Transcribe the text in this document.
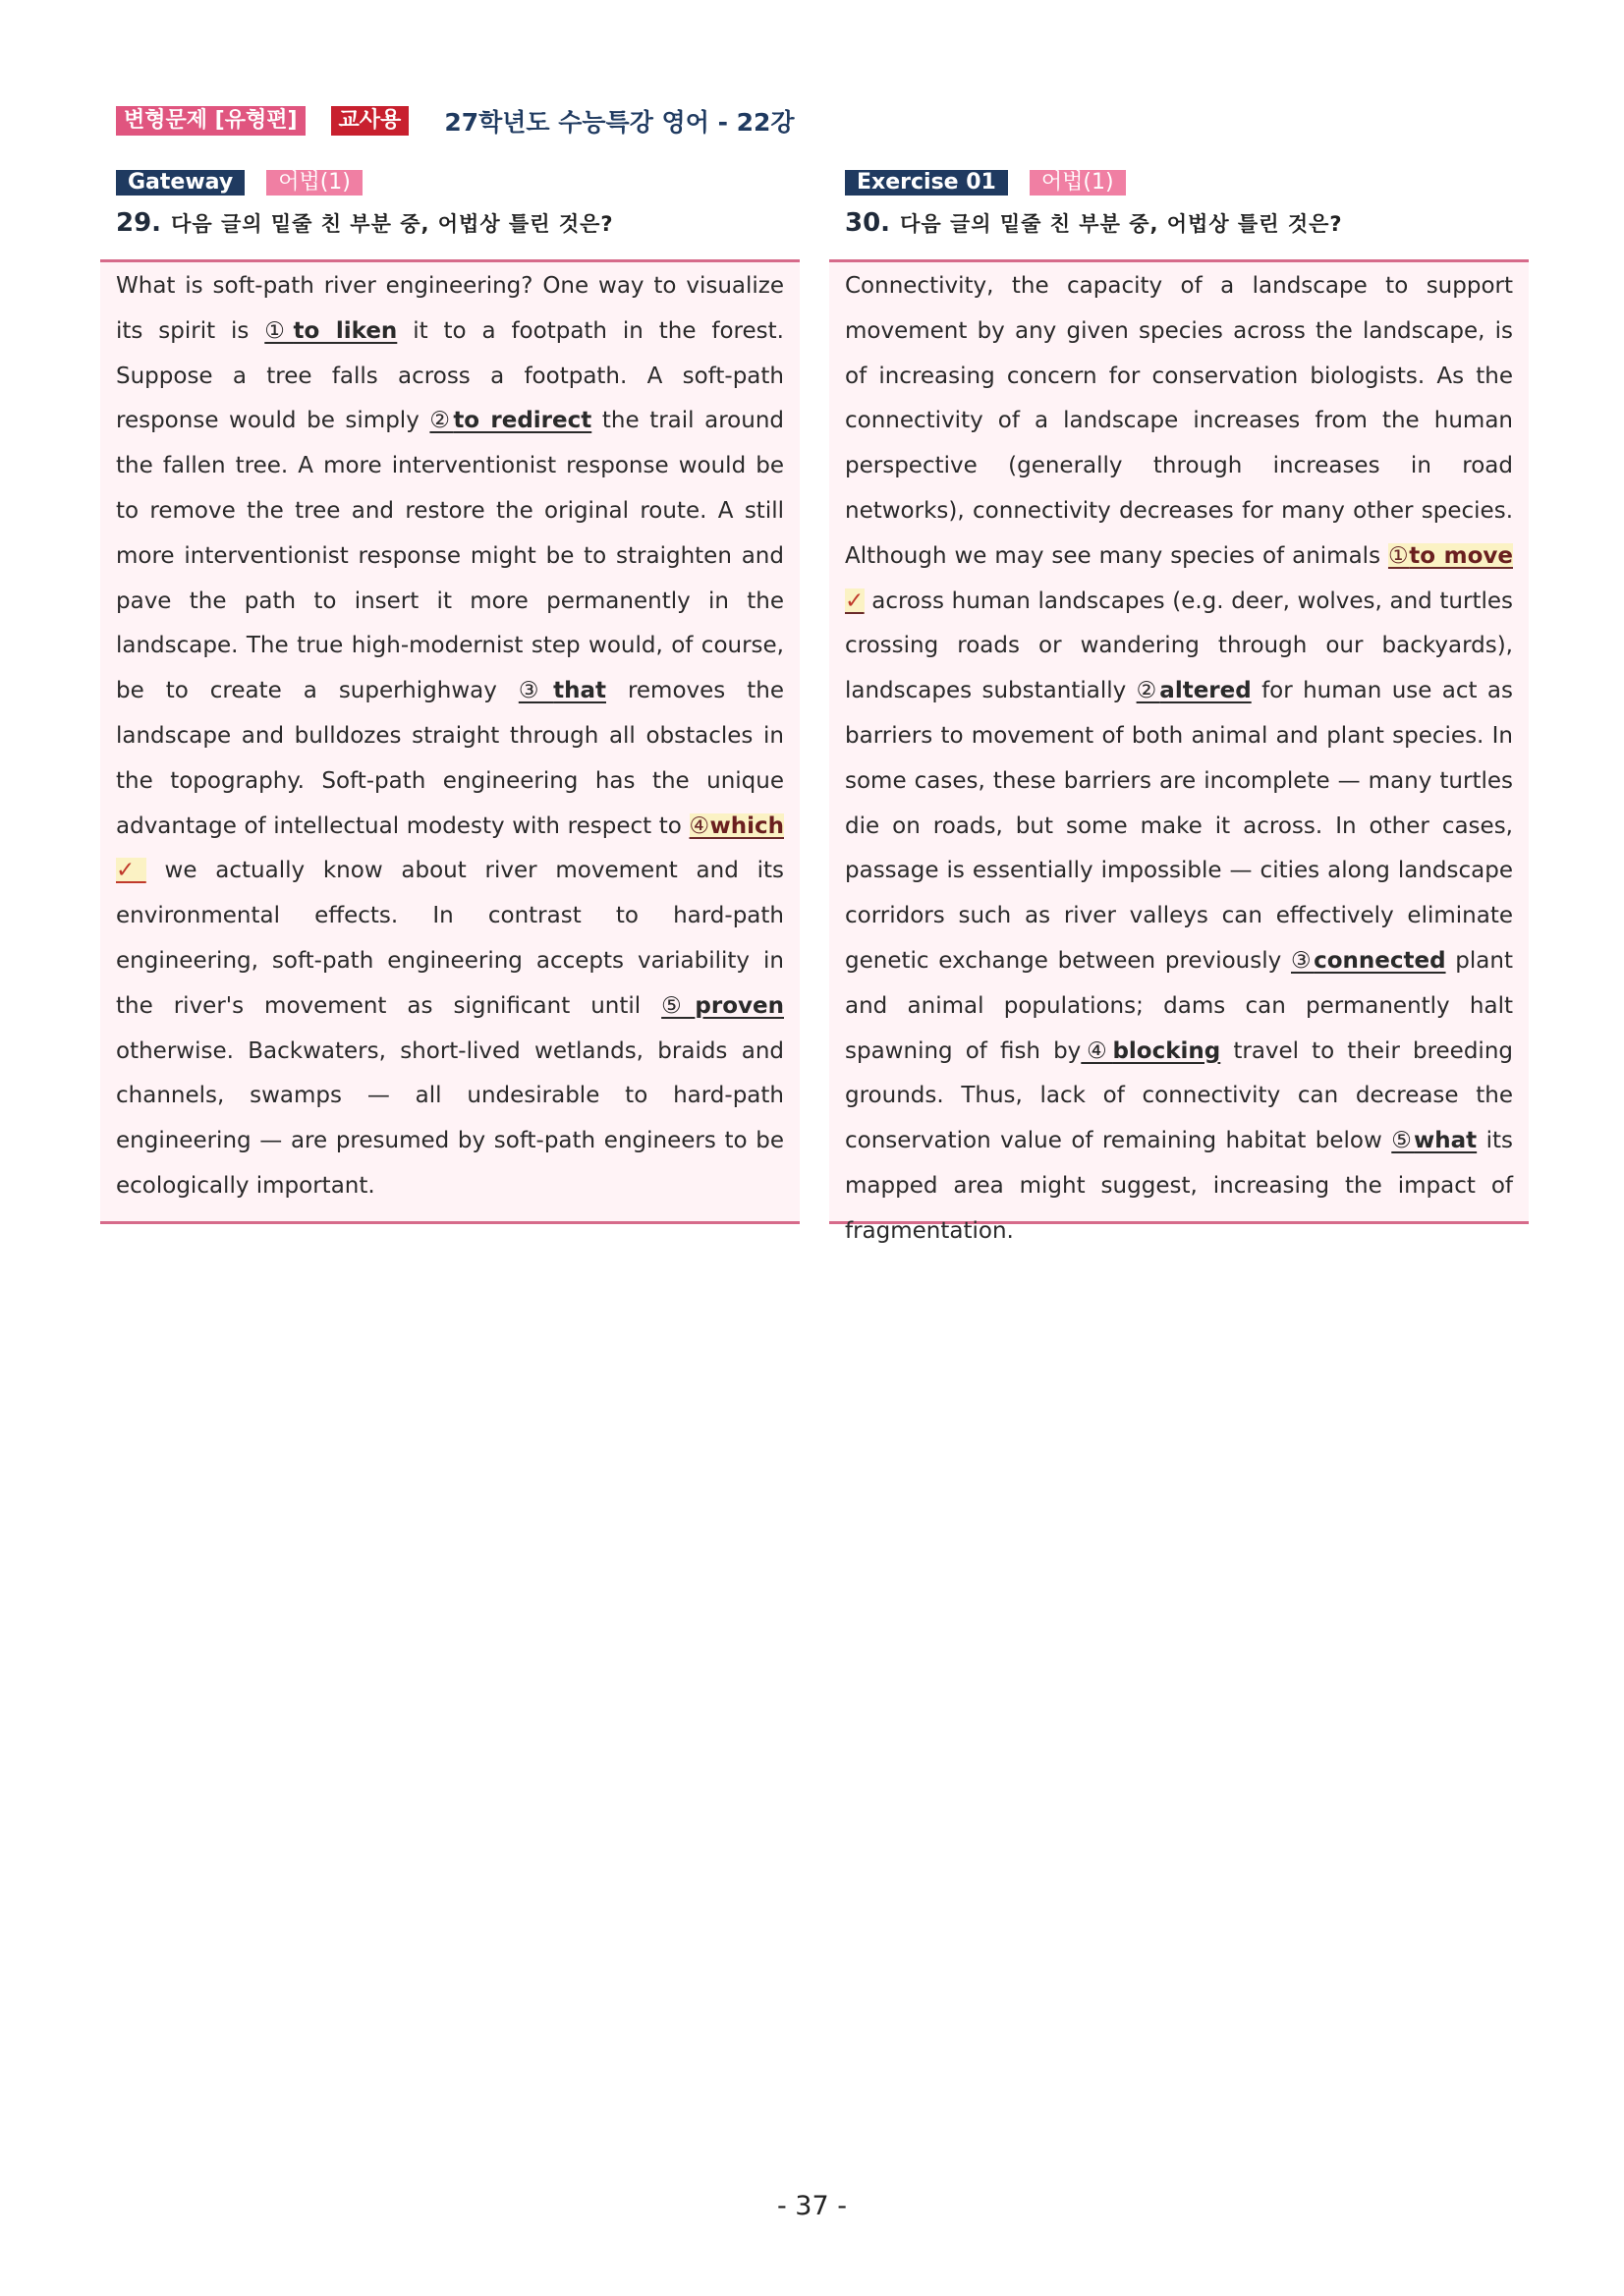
변형문제 [유형편]	교사용	27학년도 수능특강 영어 - 22강
Gateway	어법(1)
29. 다음 글의 밑줄 친 부분 중, 어법상 틀린 것은?

What is soft-path river engineering? One way to visualize its spirit is ①to liken it to a footpath in the forest. Suppose a tree falls across a footpath. A soft-path response would be simply ②to redirect the trail around the fallen tree. A more interventionist response would be to remove the tree and restore the original route. A still more interventionist response might be to straighten and pave the path to insert it more permanently in the landscape. The true high-modernist step would, of course, be to create a superhighway ③that removes the landscape and bulldozes straight through all obstacles in the topography. Soft-path engineering has the unique advantage of intellectual modesty with respect to ④which ✓ we actually know about river movement and its environmental effects. In contrast to hard-path engineering, soft-path engineering accepts variability in the river's movement as significant until ⑤proven otherwise. Backwaters, short-lived wetlands, braids and channels, swamps — all undesirable to hard-path engineering — are presumed by soft-path engineers to be ecologically important.

Exercise 01	어법(1)
30. 다음 글의 밑줄 친 부분 중, 어법상 틀린 것은?

Connectivity, the capacity of a landscape to support movement by any given species across the landscape, is of increasing concern for conservation biologists. As the connectivity of a landscape increases from the human perspective (generally through increases in road networks), connectivity decreases for many other species. Although we may see many species of animals ①to move ✓ across human landscapes (e.g. deer, wolves, and turtles crossing roads or wandering through our backyards), landscapes substantially ②altered for human use act as barriers to movement of both animal and plant species. In some cases, these barriers are incomplete — many turtles die on roads, but some make it across. In other cases, passage is essentially impossible — cities along landscape corridors such as river valleys can effectively eliminate genetic exchange between previously ③connected plant and animal populations; dams can permanently halt spawning of fish by④blocking travel to their breeding grounds. Thus, lack of connectivity can decrease the conservation value of remaining habitat below ⑤what its mapped area might suggest, increasing the impact of fragmentation.

- 37 -
